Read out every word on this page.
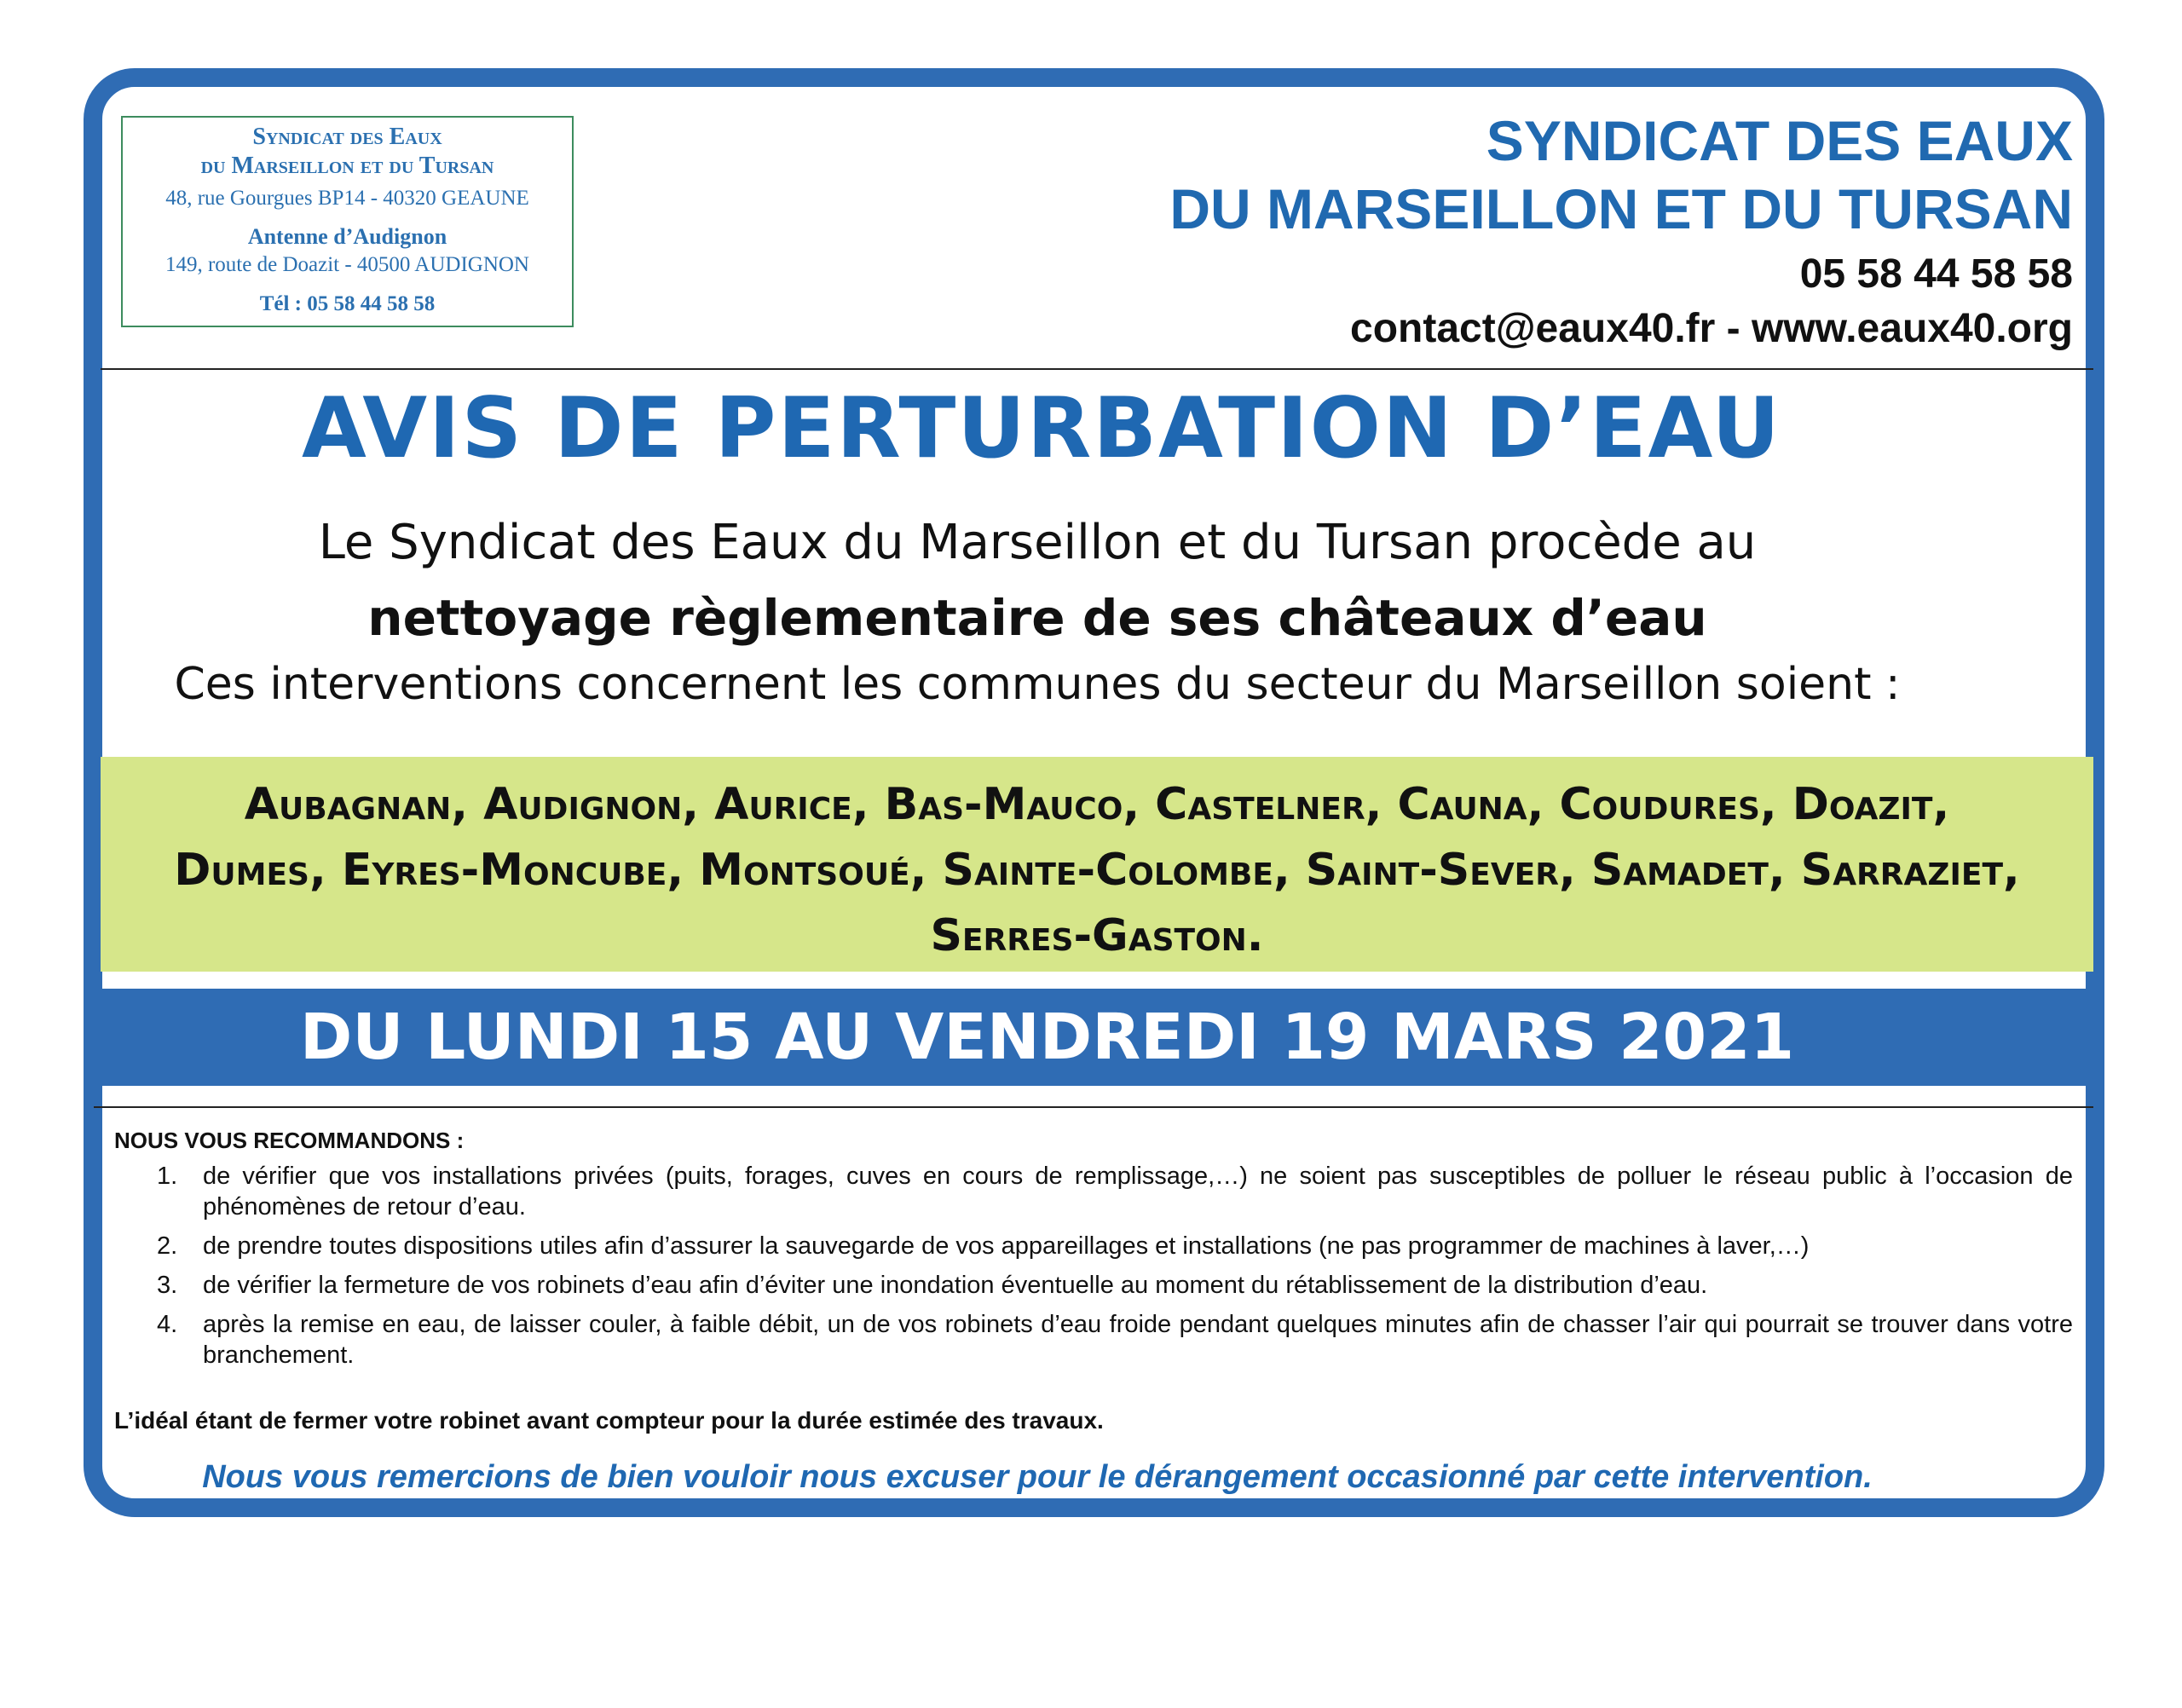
Syndicat des Eaux
du Marseillon et du Tursan
48, rue Gourgues BP14 - 40320 GEAUNE
Antenne d’Audignon
149, route de Doazit - 40500 AUDIGNON
Tél : 05 58 44 58 58
SYNDICAT DES EAUX
DU MARSEILLON ET DU TURSAN
05 58 44 58 58
contact@eaux40.fr - www.eaux40.org
AVIS DE PERTURBATION D’EAU
Le Syndicat des Eaux du Marseillon et du Tursan procède au
nettoyage règlementaire de ses châteaux d’eau
Ces interventions concernent les communes du secteur du Marseillon soient :
Aubagnan, Audignon, Aurice, Bas-Mauco, Castelner, Cauna, Coudures, Doazit,
Dumes, Eyres-Moncube, Montsoué, Sainte-Colombe, Saint-Sever, Samadet, Sarraziet,
Serres-Gaston.
DU LUNDI 15 AU VENDREDI 19 MARS 2021
NOUS VOUS RECOMMANDONS :
1. de vérifier que vos installations privées (puits, forages, cuves en cours de remplissage,…) ne soient pas susceptibles de polluer le réseau public à l’occasion de phénomènes de retour d’eau.
2. de prendre toutes dispositions utiles afin d’assurer la sauvegarde de vos appareillages et installations (ne pas programmer de machines à laver,…)
3. de vérifier la fermeture de vos robinets d’eau afin d’éviter une inondation éventuelle au moment du rétablissement de la distribution d’eau.
4. après la remise en eau, de laisser couler, à faible débit, un de vos robinets d’eau froide pendant quelques minutes afin de chasser l’air qui pourrait se trouver dans votre branchement.
L’idéal étant de fermer votre robinet avant compteur pour la durée estimée des travaux.
Nous vous remercions de bien vouloir nous excuser pour le dérangement occasionné par cette intervention.
